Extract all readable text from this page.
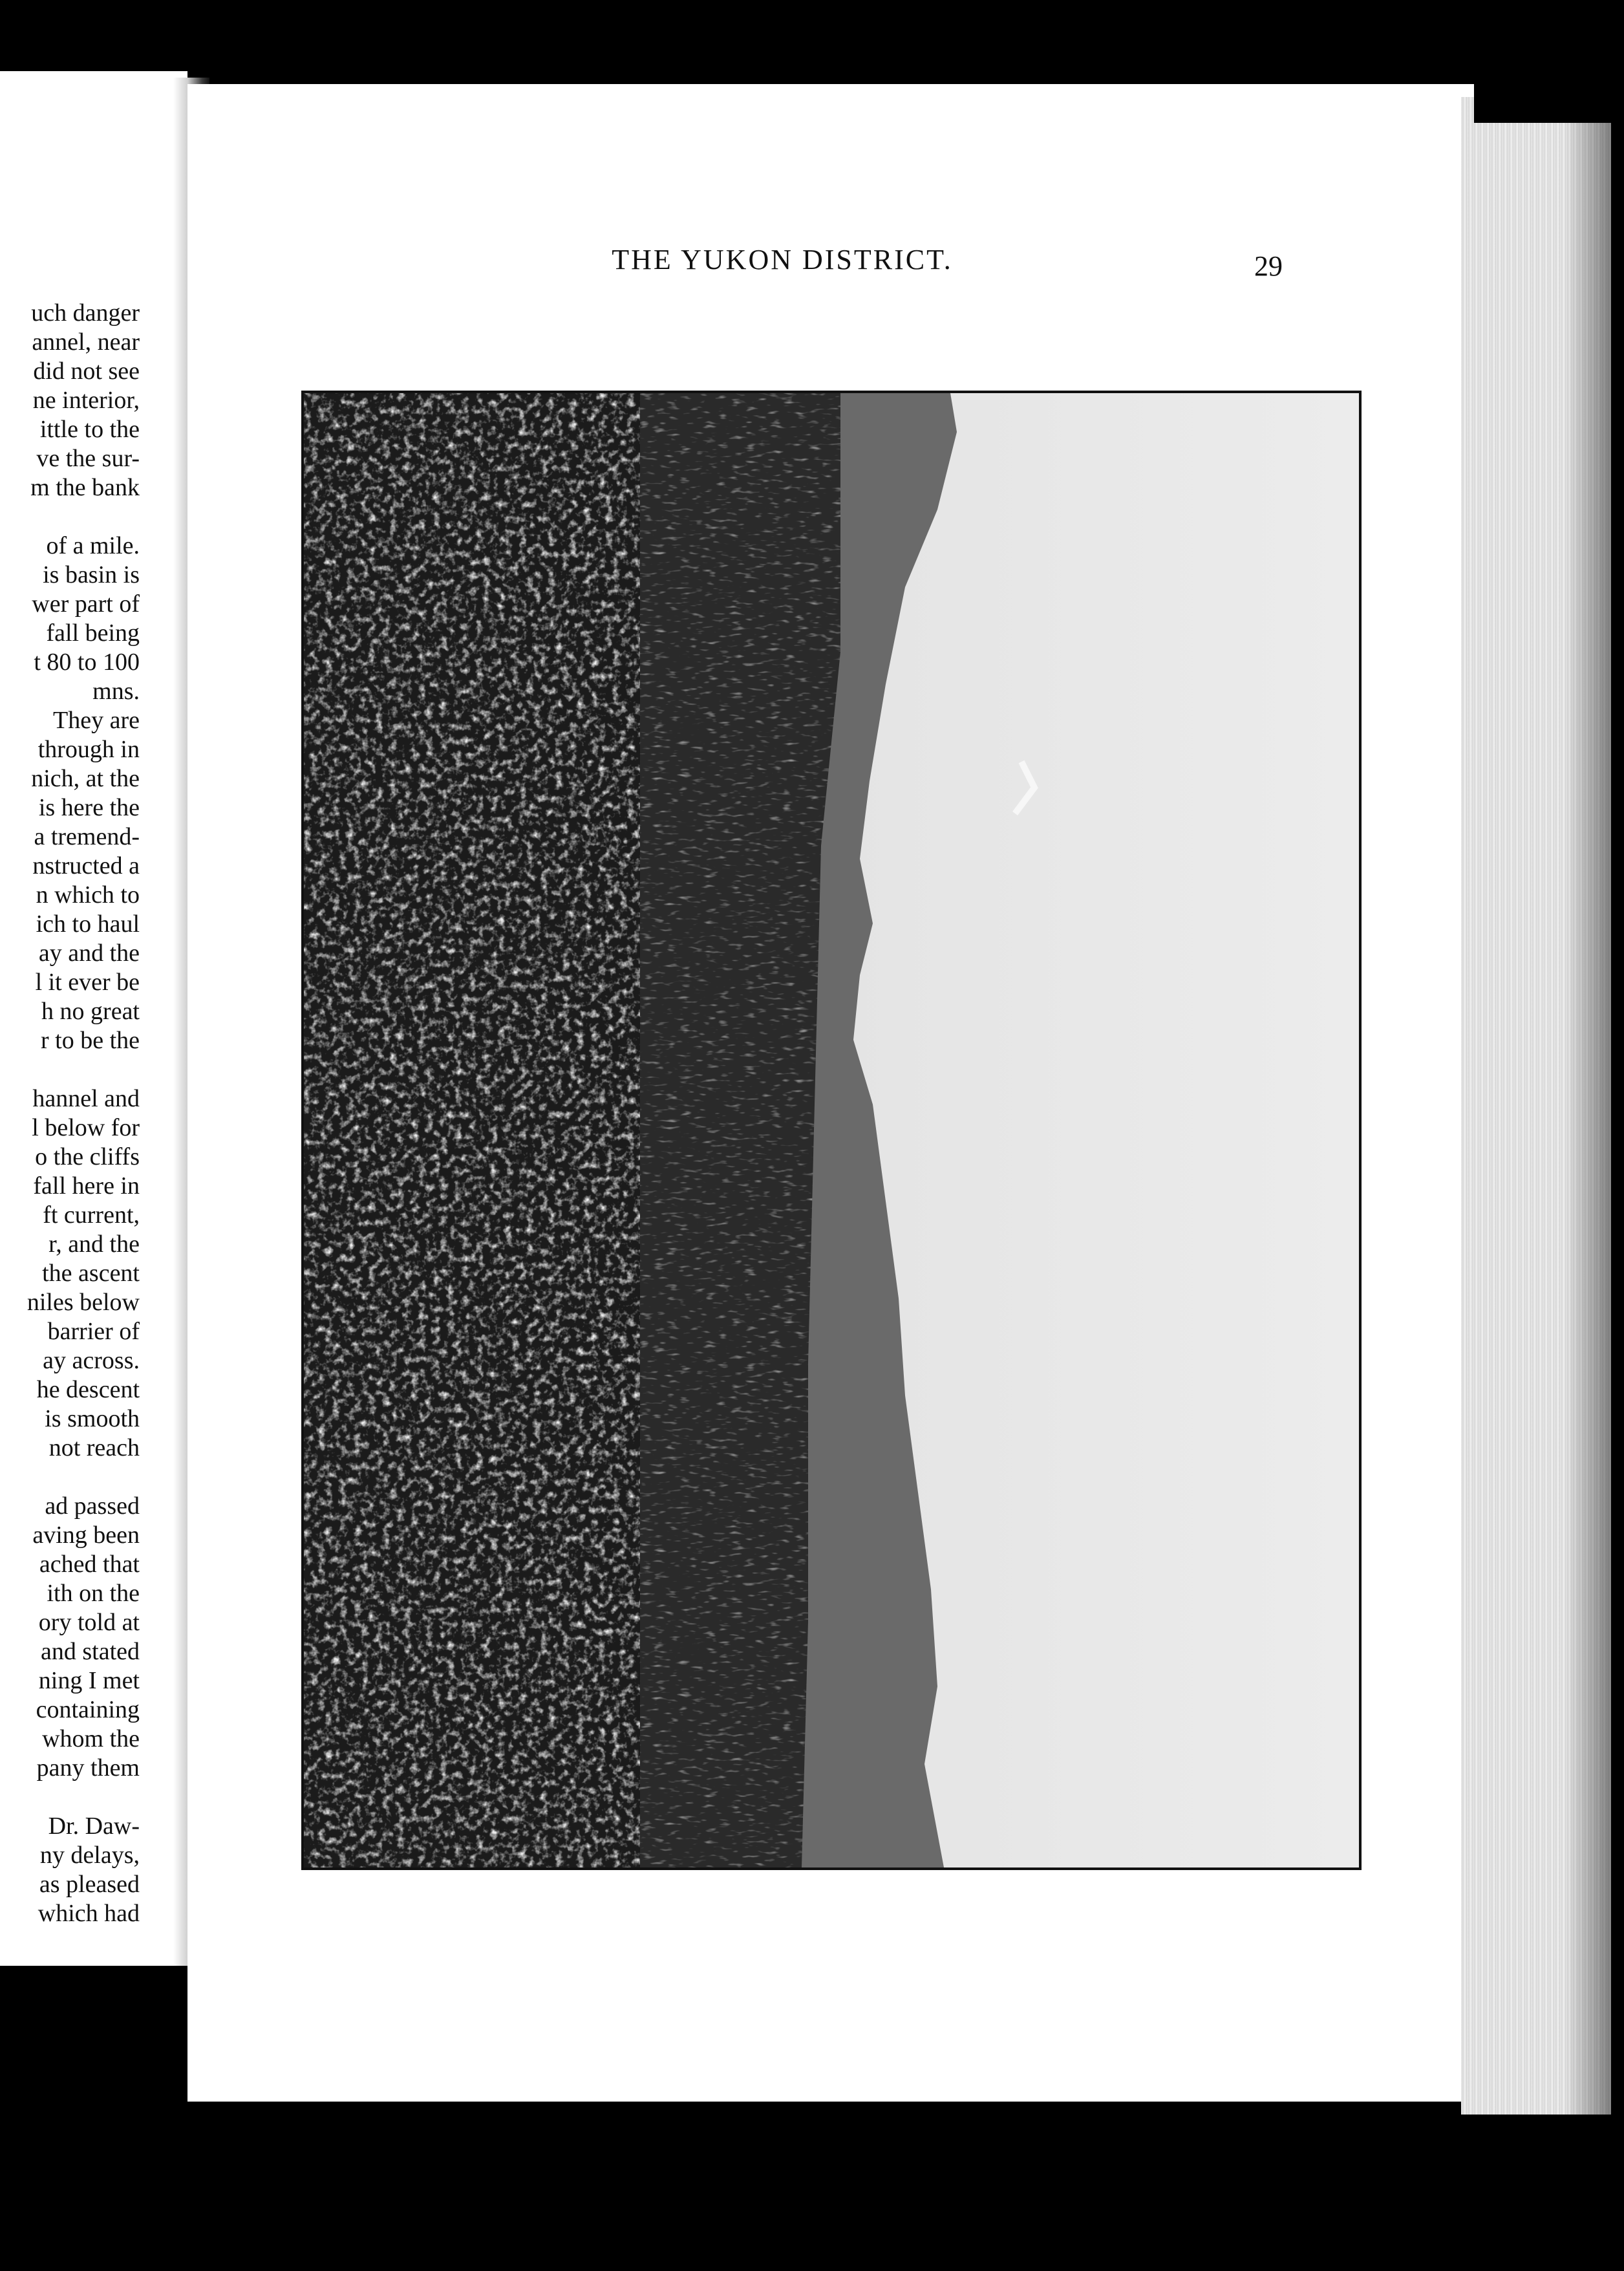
uch danger
annel, near
did not see
ne interior,
ittle to the
ve the sur-
m the bank
of a mile.
is basin is
wer part of
fall being
t 80 to 100
mns.
They are
through in
nich, at the
is here the
a tremend-
nstructed a
n which to
ich to haul
ay and the
l it ever be
h no great
r to be the
hannel and
l below for
o the cliffs
fall here in
ft current,
r, and the
the ascent
niles below
barrier of
ay across.
he descent
is smooth
not reach
ad passed
aving been
ached that
ith on the
ory told at
and stated
ning I met
containing
whom the
pany them
Dr. Daw-
ny delays,
as pleased
which had
THE YUKON DISTRICT.	29
